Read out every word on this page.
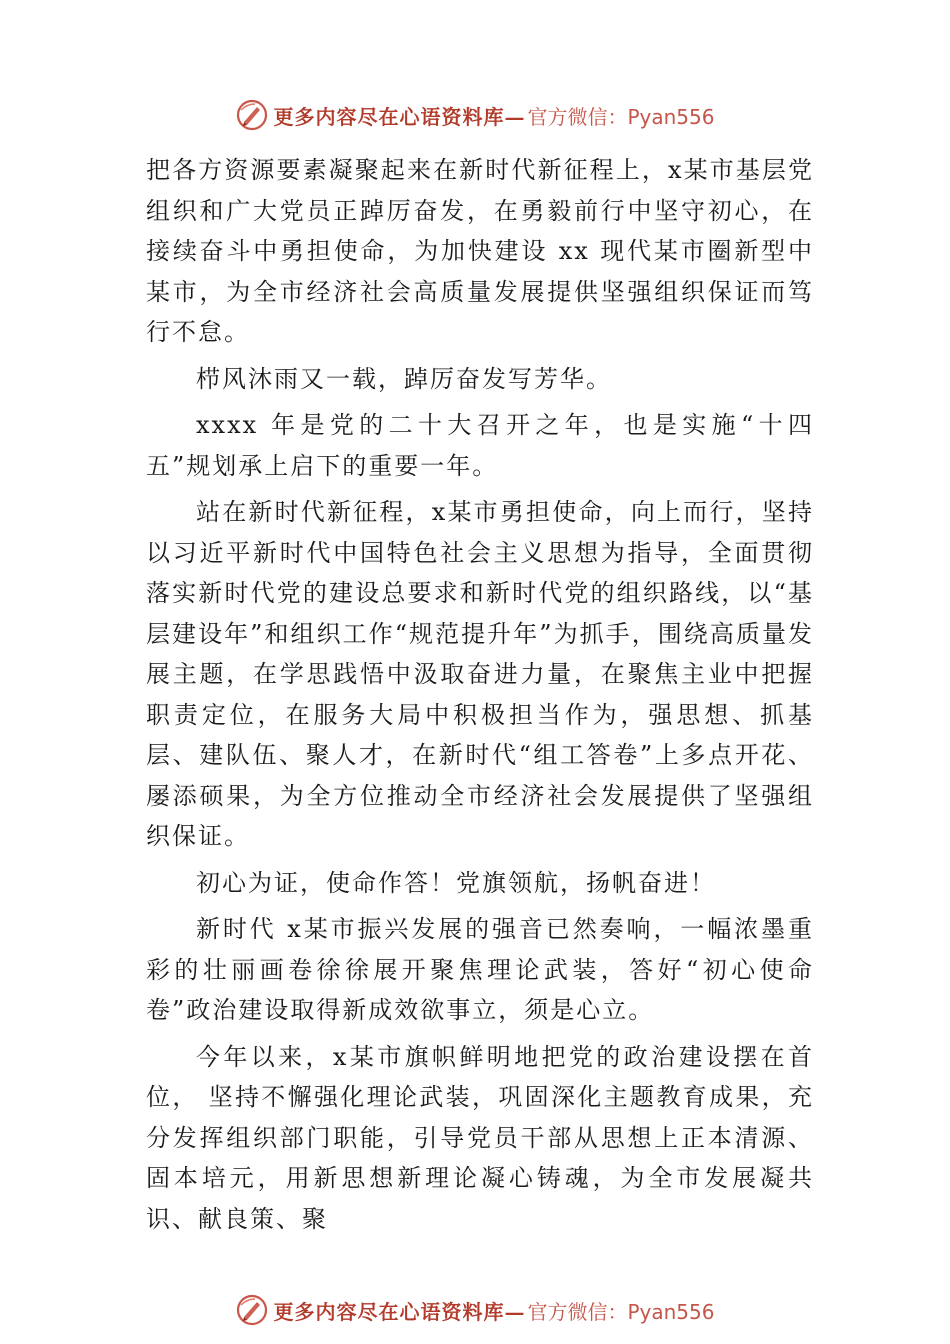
更多内容尽在心语资料库— 官方微信：Pyan556

把各方资源要素凝聚起来在新时代新征程上，x某市基层党组织和广大党员正踔厉奋发，在勇毅前行中坚守初心，在接续奋斗中勇担使命，为加快建设 xx 现代某市圈新型中某市，为全市经济社会高质量发展提供坚强组织保证而笃行不怠。

栉风沐雨又一载，踔厉奋发写芳华。

xxxx 年是党的二十大召开之年，也是实施“十四五”规划承上启下的重要一年。

站在新时代新征程，x某市勇担使命，向上而行，坚持以习近平新时代中国特色社会主义思想为指导，全面贯彻落实新时代党的建设总要求和新时代党的组织路线，以“基层建设年”和组织工作“规范提升年”为抓手，围绕高质量发展主题，在学思践悟中汲取奋进力量，在聚焦主业中把握职责定位，在服务大局中积极担当作为，强思想、抓基层、建队伍、聚人才，在新时代“组工答卷”上多点开花、屡添硕果，为全方位推动全市经济社会发展提供了坚强组织保证。

初心为证，使命作答！党旗领航，扬帆奋进！

新时代 x某市振兴发展的强音已然奏响，一幅浓墨重彩的壮丽画卷徐徐展开聚焦理论武装，答好“初心使命卷”政治建设取得新成效欲事立，须是心立。

今年以来，x某市旗帜鲜明地把党的政治建设摆在首位， 坚持不懈强化理论武装，巩固深化主题教育成果，充分发挥组织部门职能，引导党员干部从思想上正本清源、固本培元，用新思想新理论凝心铸魂，为全市发展凝共识、献良策、聚

更多内容尽在心语资料库— 官方微信：Pyan556
